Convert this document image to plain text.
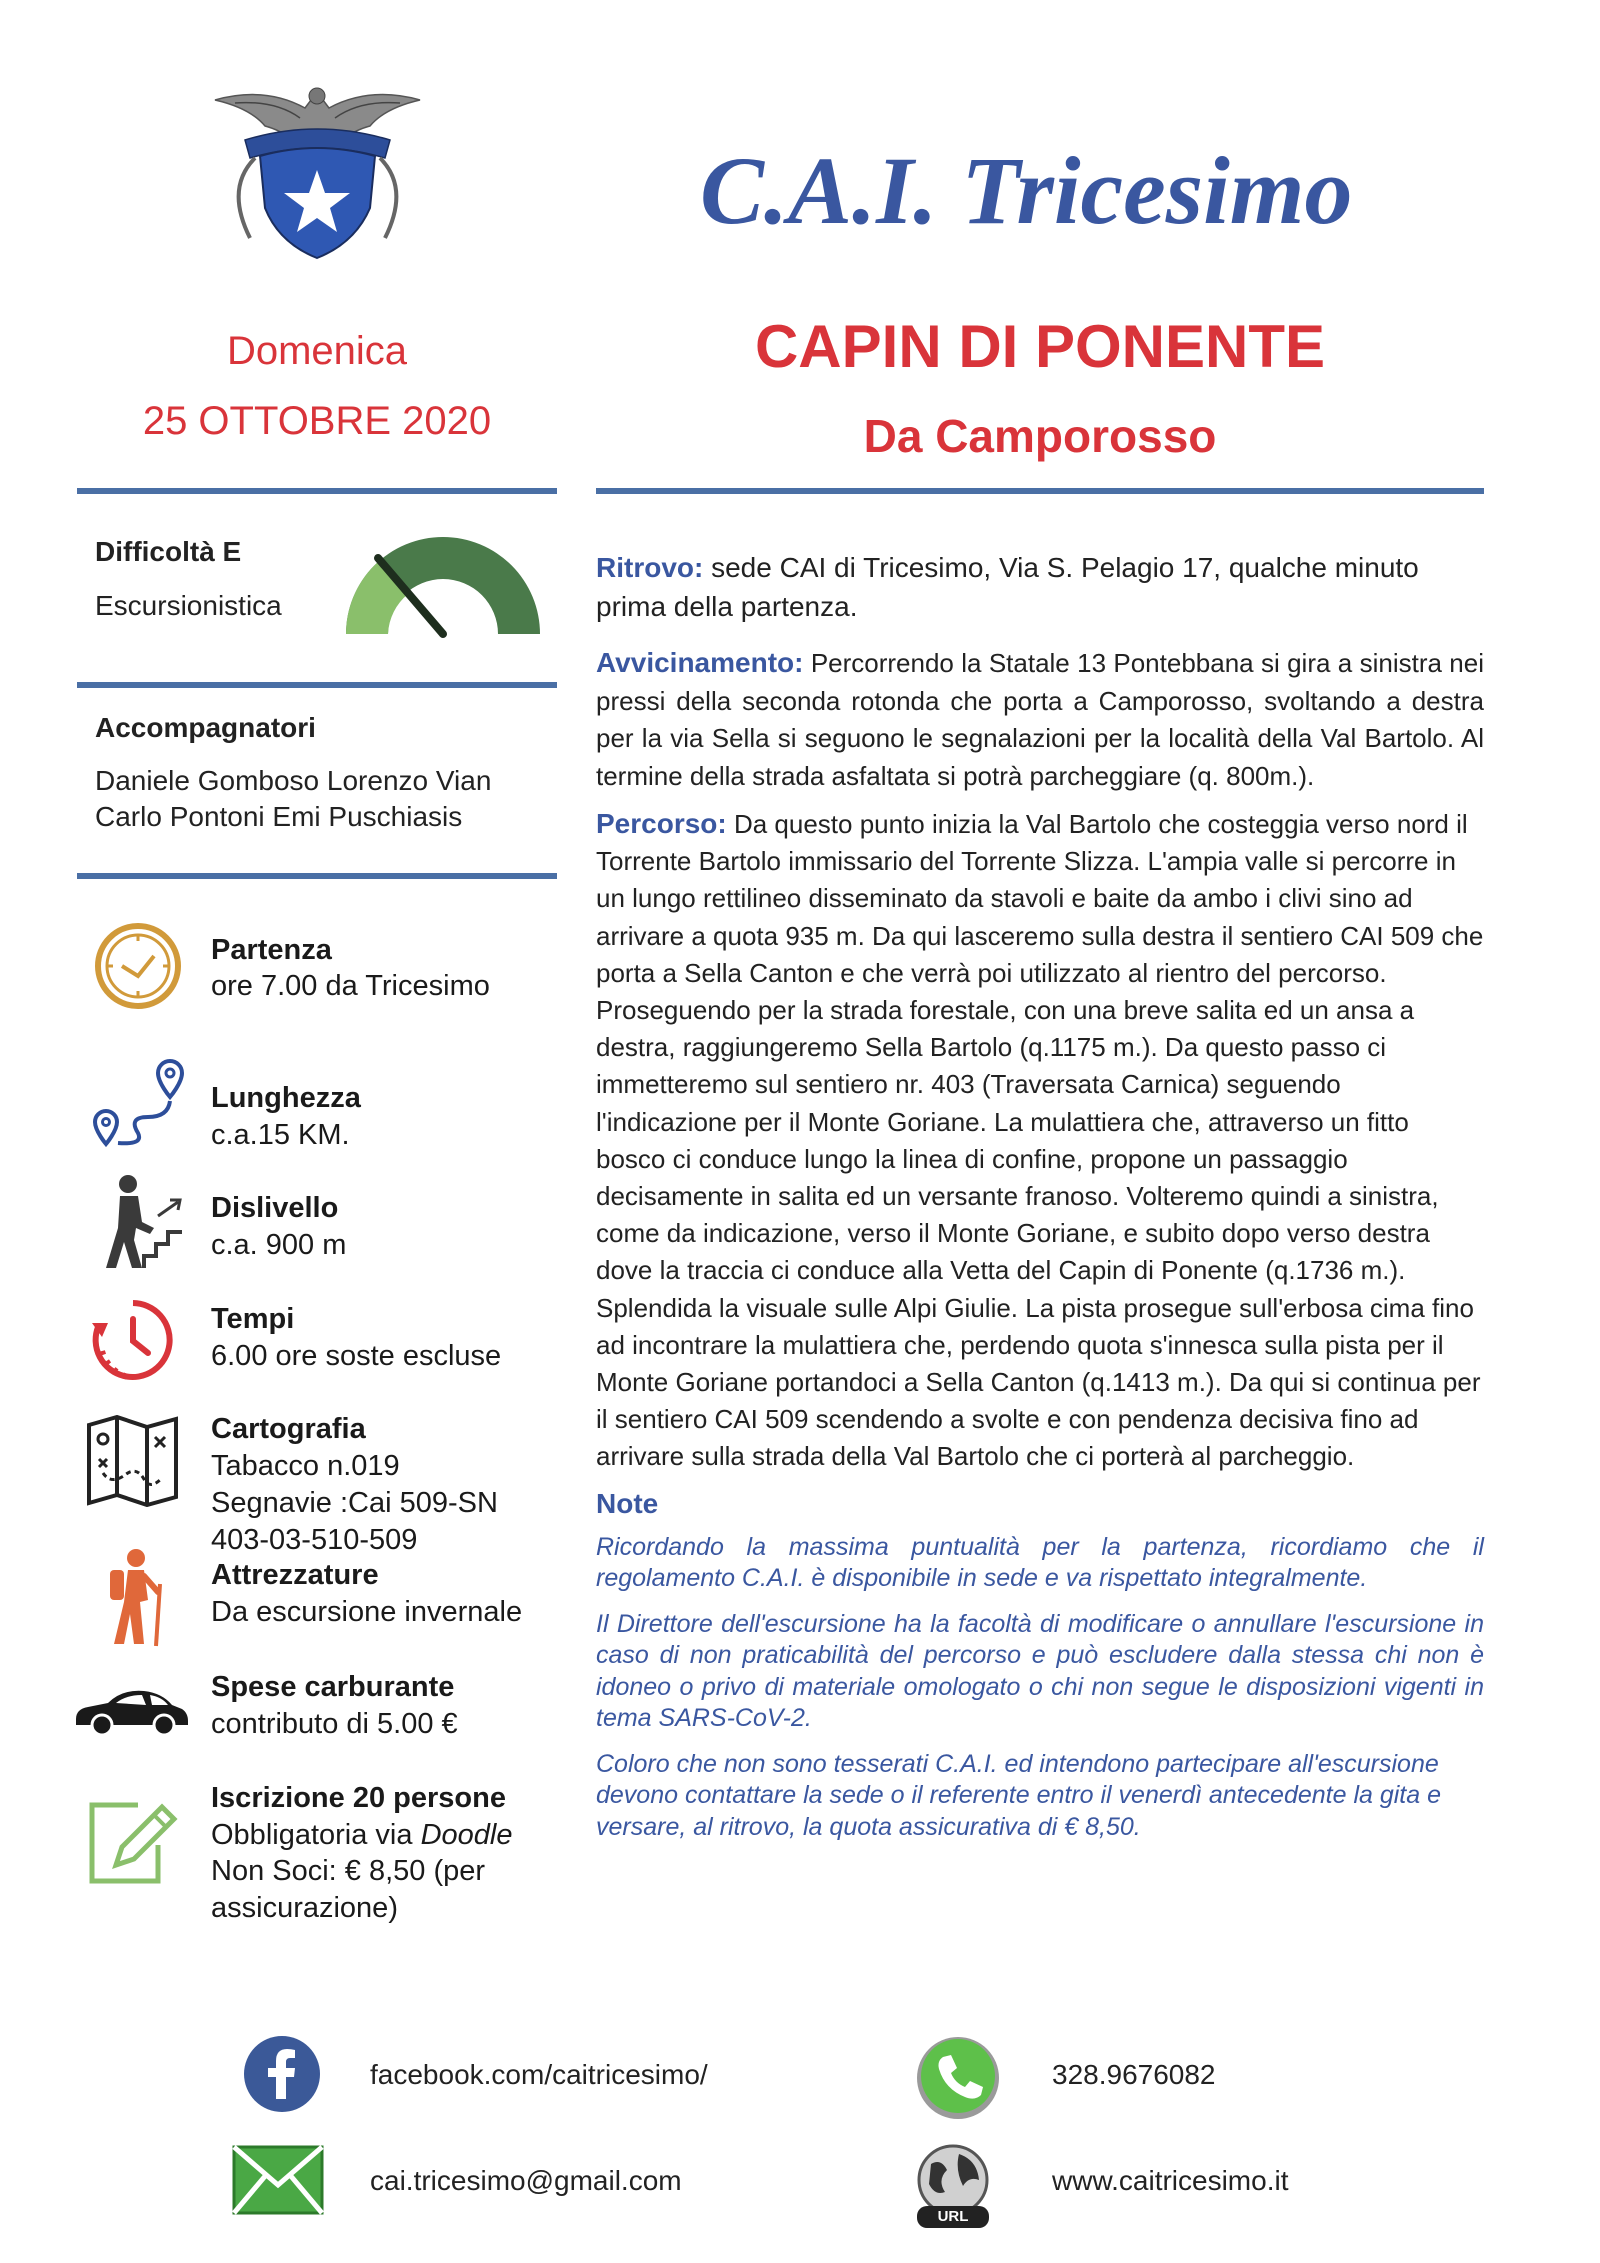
C.A.I. Tricesimo
Domenica
25 OTTOBRE 2020
CAPIN DI PONENTE
Da Camporosso
Difficoltà E
Escursionistica
Accompagnatori
Daniele Gomboso Lorenzo Vian
Carlo Pontoni Emi Puschiasis
Partenza
ore 7.00 da Tricesimo
Lunghezza
c.a.15 KM.
Dislivello
c.a. 900 m
Tempi
6.00 ore soste escluse
Cartografia
Tabacco n.019
Segnavie :Cai 509-SN
403-03-510-509
Attrezzature
Da escursione invernale
Spese carburante
contributo di 5.00 €
Iscrizione 20 persone
Obbligatoria via Doodle
Non Soci: € 8,50 (per
assicurazione)
Ritrovo: sede CAI di Tricesimo, Via S. Pelagio 17, qualche minuto prima della partenza.
Avvicinamento: Percorrendo la Statale 13 Pontebbana si gira a sinistra nei pressi della seconda rotonda che porta a Camporosso, svoltando a destra per la via Sella si seguono le segnalazioni per la località della Val Bartolo. Al termine della strada asfaltata si potrà parcheggiare (q. 800m.).
Percorso: Da questo punto inizia la Val Bartolo che costeggia verso nord il Torrente Bartolo immissario del Torrente Slizza. L'ampia valle si percorre in un lungo rettilineo disseminato da stavoli e baite da ambo i clivi sino ad arrivare a quota 935 m. Da qui lasceremo sulla destra il sentiero CAI 509 che porta a Sella Canton e che verrà poi utilizzato al rientro del percorso. Proseguendo per la strada forestale, con una breve salita ed un ansa a destra, raggiungeremo Sella Bartolo (q.1175 m.). Da questo passo ci immetteremo sul sentiero nr. 403 (Traversata Carnica) seguendo l'indicazione per il Monte Goriane. La mulattiera che, attraverso un fitto bosco ci conduce lungo la linea di confine, propone un passaggio decisamente in salita ed un versante franoso. Volteremo quindi a sinistra, come da indicazione, verso il Monte Goriane, e subito dopo verso destra dove la traccia ci conduce alla Vetta del Capin di Ponente (q.1736 m.). Splendida la visuale sulle Alpi Giulie. La pista prosegue sull'erbosa cima fino ad incontrare la mulattiera che, perdendo quota s'innesca sulla pista per il Monte Goriane portandoci a Sella Canton (q.1413 m.). Da qui si continua per il sentiero CAI 509 scendendo a svolte e con pendenza decisiva fino ad arrivare sulla strada della Val Bartolo che ci porterà al parcheggio.
Note
Ricordando la massima puntualità per la partenza, ricordiamo che il regolamento C.A.I. è disponibile in sede e va rispettato integralmente.
Il Direttore dell'escursione ha la facoltà di modificare o annullare l'escursione in caso di non praticabilità del percorso e può escludere dalla stessa chi non è idoneo o privo di materiale omologato o chi non segue le disposizioni vigenti in tema SARS-CoV-2.
Coloro che non sono tesserati C.A.I. ed intendono partecipare all'escursione devono contattare la sede o il referente entro il venerdì antecedente la gita e versare, al ritrovo, la quota assicurativa di € 8,50.
facebook.com/caitricesimo/	328.9676082
cai.tricesimo@gmail.com
URL
www.caitricesimo.it
